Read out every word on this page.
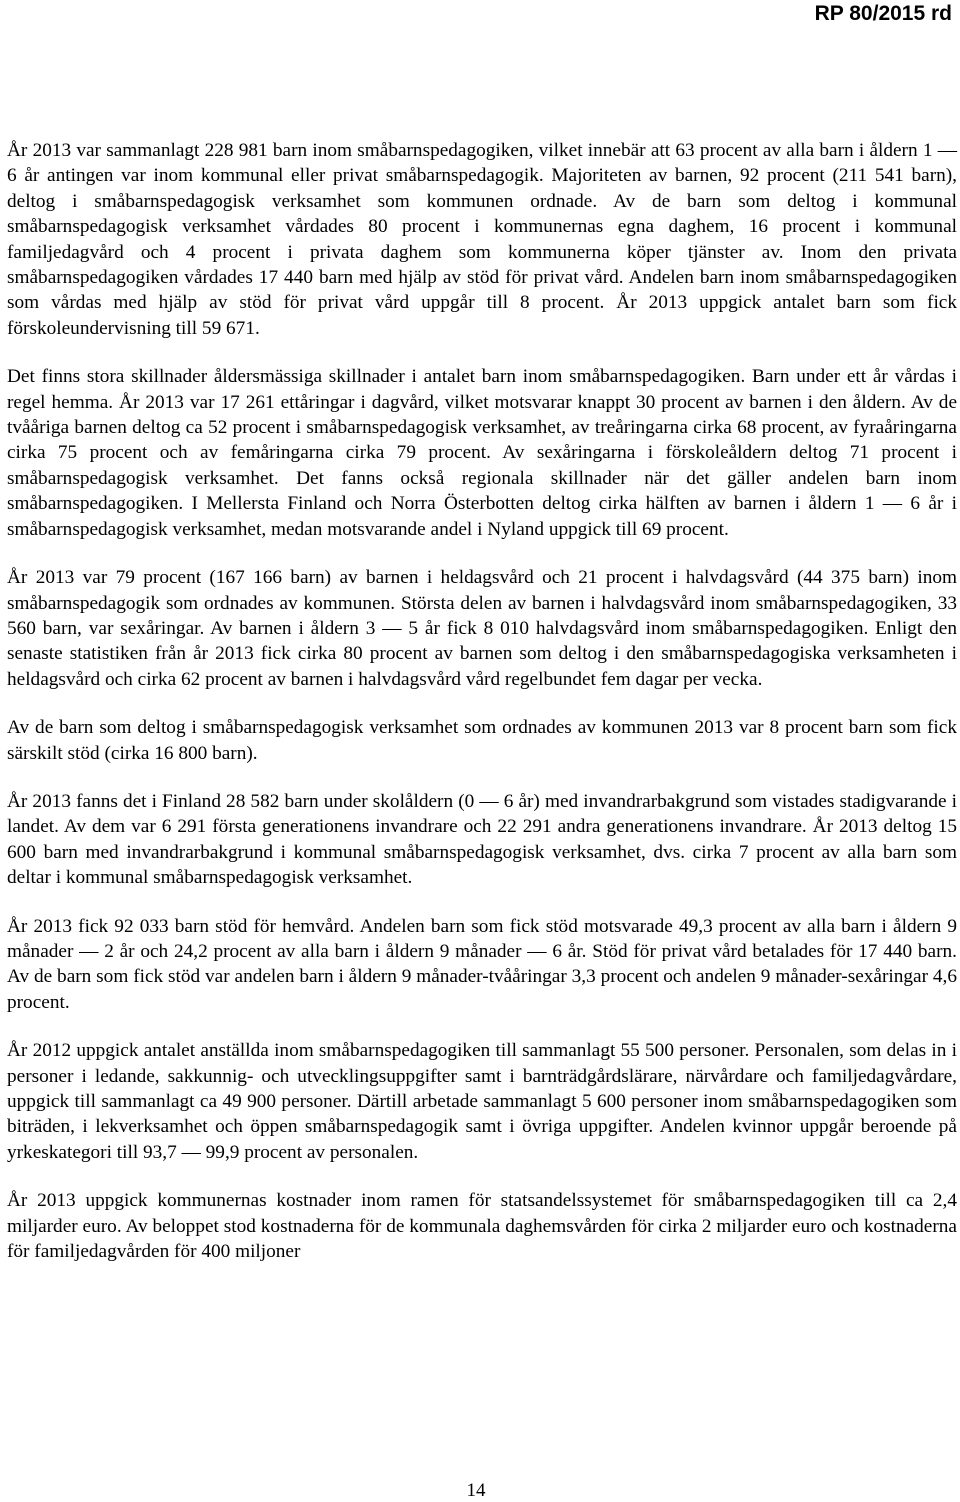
RP 80/2015 rd

År 2013 var sammanlagt 228 981 barn inom småbarnspedagogiken, vilket innebär att 63 procent av alla barn i åldern 1 — 6 år antingen var inom kommunal eller privat småbarnspedagogik. Majoriteten av barnen, 92 procent (211 541 barn), deltog i småbarnspedagogisk verksamhet som kommunen ordnade. Av de barn som deltog i kommunal småbarnspedagogisk verksamhet vårdades 80 procent i kommunernas egna daghem, 16 procent i kommunal familjedagvård och 4 procent i privata daghem som kommunerna köper tjänster av. Inom den privata småbarnspedagogiken vårdades 17 440 barn med hjälp av stöd för privat vård. Andelen barn inom småbarnspedagogiken som vårdas med hjälp av stöd för privat vård uppgår till 8 procent. År 2013 uppgick antalet barn som fick förskoleundervisning till 59 671.

Det finns stora skillnader åldersmässiga skillnader i antalet barn inom småbarnspedagogiken. Barn under ett år vårdas i regel hemma. År 2013 var 17 261 ettåringar i dagvård, vilket motsvarar knappt 30 procent av barnen i den åldern. Av de tvååriga barnen deltog ca 52 procent i småbarnspedagogisk verksamhet, av treåringarna cirka 68 procent, av fyraåringarna cirka 75 procent och av femåringarna cirka 79 procent. Av sexåringarna i förskoleåldern deltog 71 procent i småbarnspedagogisk verksamhet. Det fanns också regionala skillnader när det gäller andelen barn inom småbarnspedagogiken. I Mellersta Finland och Norra Österbotten deltog cirka hälften av barnen i åldern 1 — 6 år i småbarnspedagogisk verksamhet, medan motsvarande andel i Nyland uppgick till 69 procent.

År 2013 var 79 procent (167 166 barn) av barnen i heldagsvård och 21 procent i halvdagsvård (44 375 barn) inom småbarnspedagogik som ordnades av kommunen. Största delen av barnen i halvdagsvård inom småbarnspedagogiken, 33 560 barn, var sexåringar. Av barnen i åldern 3 — 5 år fick 8 010 halvdagsvård inom småbarnspedagogiken. Enligt den senaste statistiken från år 2013 fick cirka 80 procent av barnen som deltog i den småbarnspedagogiska verksamheten i heldagsvård och cirka 62 procent av barnen i halvdagsvård vård regelbundet fem dagar per vecka.

Av de barn som deltog i småbarnspedagogisk verksamhet som ordnades av kommunen 2013 var 8 procent barn som fick särskilt stöd (cirka 16 800 barn).

År 2013 fanns det i Finland 28 582 barn under skolåldern (0 — 6 år) med invandrarbakgrund som vistades stadigvarande i landet. Av dem var 6 291 första generationens invandrare och 22 291 andra generationens invandrare. År 2013 deltog 15 600 barn med invandrarbakgrund i kommunal småbarnspedagogisk verksamhet, dvs. cirka 7 procent av alla barn som deltar i kommunal småbarnspedagogisk verksamhet.

År 2013 fick 92 033 barn stöd för hemvård. Andelen barn som fick stöd motsvarade 49,3 procent av alla barn i åldern 9 månader — 2 år och 24,2 procent av alla barn i åldern 9 månader — 6 år. Stöd för privat vård betalades för 17 440 barn. Av de barn som fick stöd var andelen barn i åldern 9 månader-tvååringar 3,3 procent och andelen 9 månader-sexåringar 4,6 procent.

År 2012 uppgick antalet anställda inom småbarnspedagogiken till sammanlagt 55 500 personer. Personalen, som delas in i personer i ledande, sakkunnig- och utvecklingsuppgifter samt i barnträdgårdslärare, närvårdare och familjedagvårdare, uppgick till sammanlagt ca 49 900 personer. Därtill arbetade sammanlagt 5 600 personer inom småbarnspedagogiken som biträden, i lekverksamhet och öppen småbarnspedagogik samt i övriga uppgifter. Andelen kvinnor uppgår beroende på yrkeskategori till 93,7 — 99,9 procent av personalen.

År 2013 uppgick kommunernas kostnader inom ramen för statsandelssystemet för småbarnspedagogiken till ca 2,4 miljarder euro. Av beloppet stod kostnaderna för de kommunala daghemsvården för cirka 2 miljarder euro och kostnaderna för familjedagvården för 400 miljoner

14
